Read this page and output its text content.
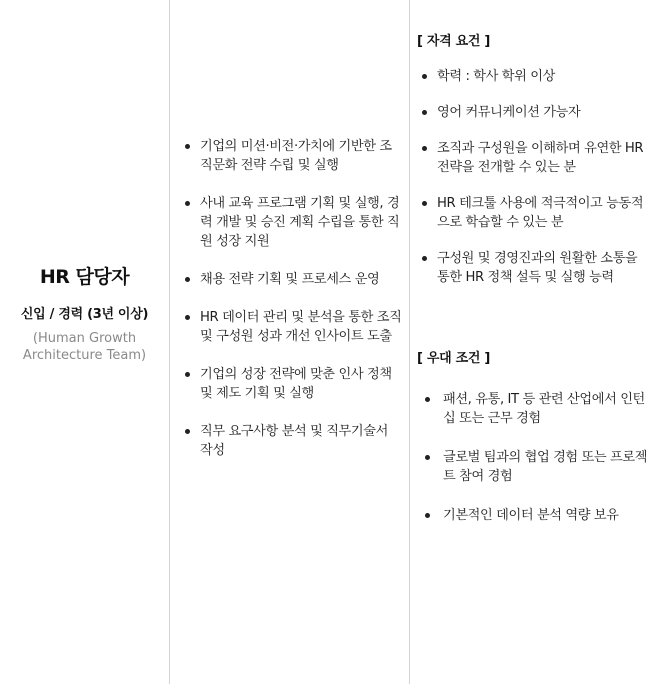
HR 담당자
신입 / 경력 (3년 이상)
(Human Growth
Architecture Team)
기업의 미션·비전·가치에 기반한 조직문화 전략 수립 및 실행
사내 교육 프로그램 기획 및 실행, 경력 개발 및 승진 계획 수립을 통한 직원 성장 지원
채용 전략 기획 및 프로세스 운영
HR 데이터 관리 및 분석을 통한 조직 및 구성원 성과 개선 인사이트 도출
기업의 성장 전략에 맞춘 인사 정책 및 제도 기획 및 실행
직무 요구사항 분석 및 직무기술서 작성
[ 자격 요건 ]
학력 : 학사 학위 이상
영어 커뮤니케이션 가능자
조직과 구성원을 이해하며 유연한 HR 전략을 전개할 수 있는 분
HR 테크툴 사용에 적극적이고 능동적으로 학습할 수 있는 분
구성원 및 경영진과의 원활한 소통을 통한 HR 정책 설득 및 실행 능력
[ 우대 조건 ]
패션, 유통, IT 등 관련 산업에서 인턴십 또는 근무 경험
글로벌 팀과의 협업 경험 또는 프로젝트 참여 경험
기본적인 데이터 분석 역량 보유
